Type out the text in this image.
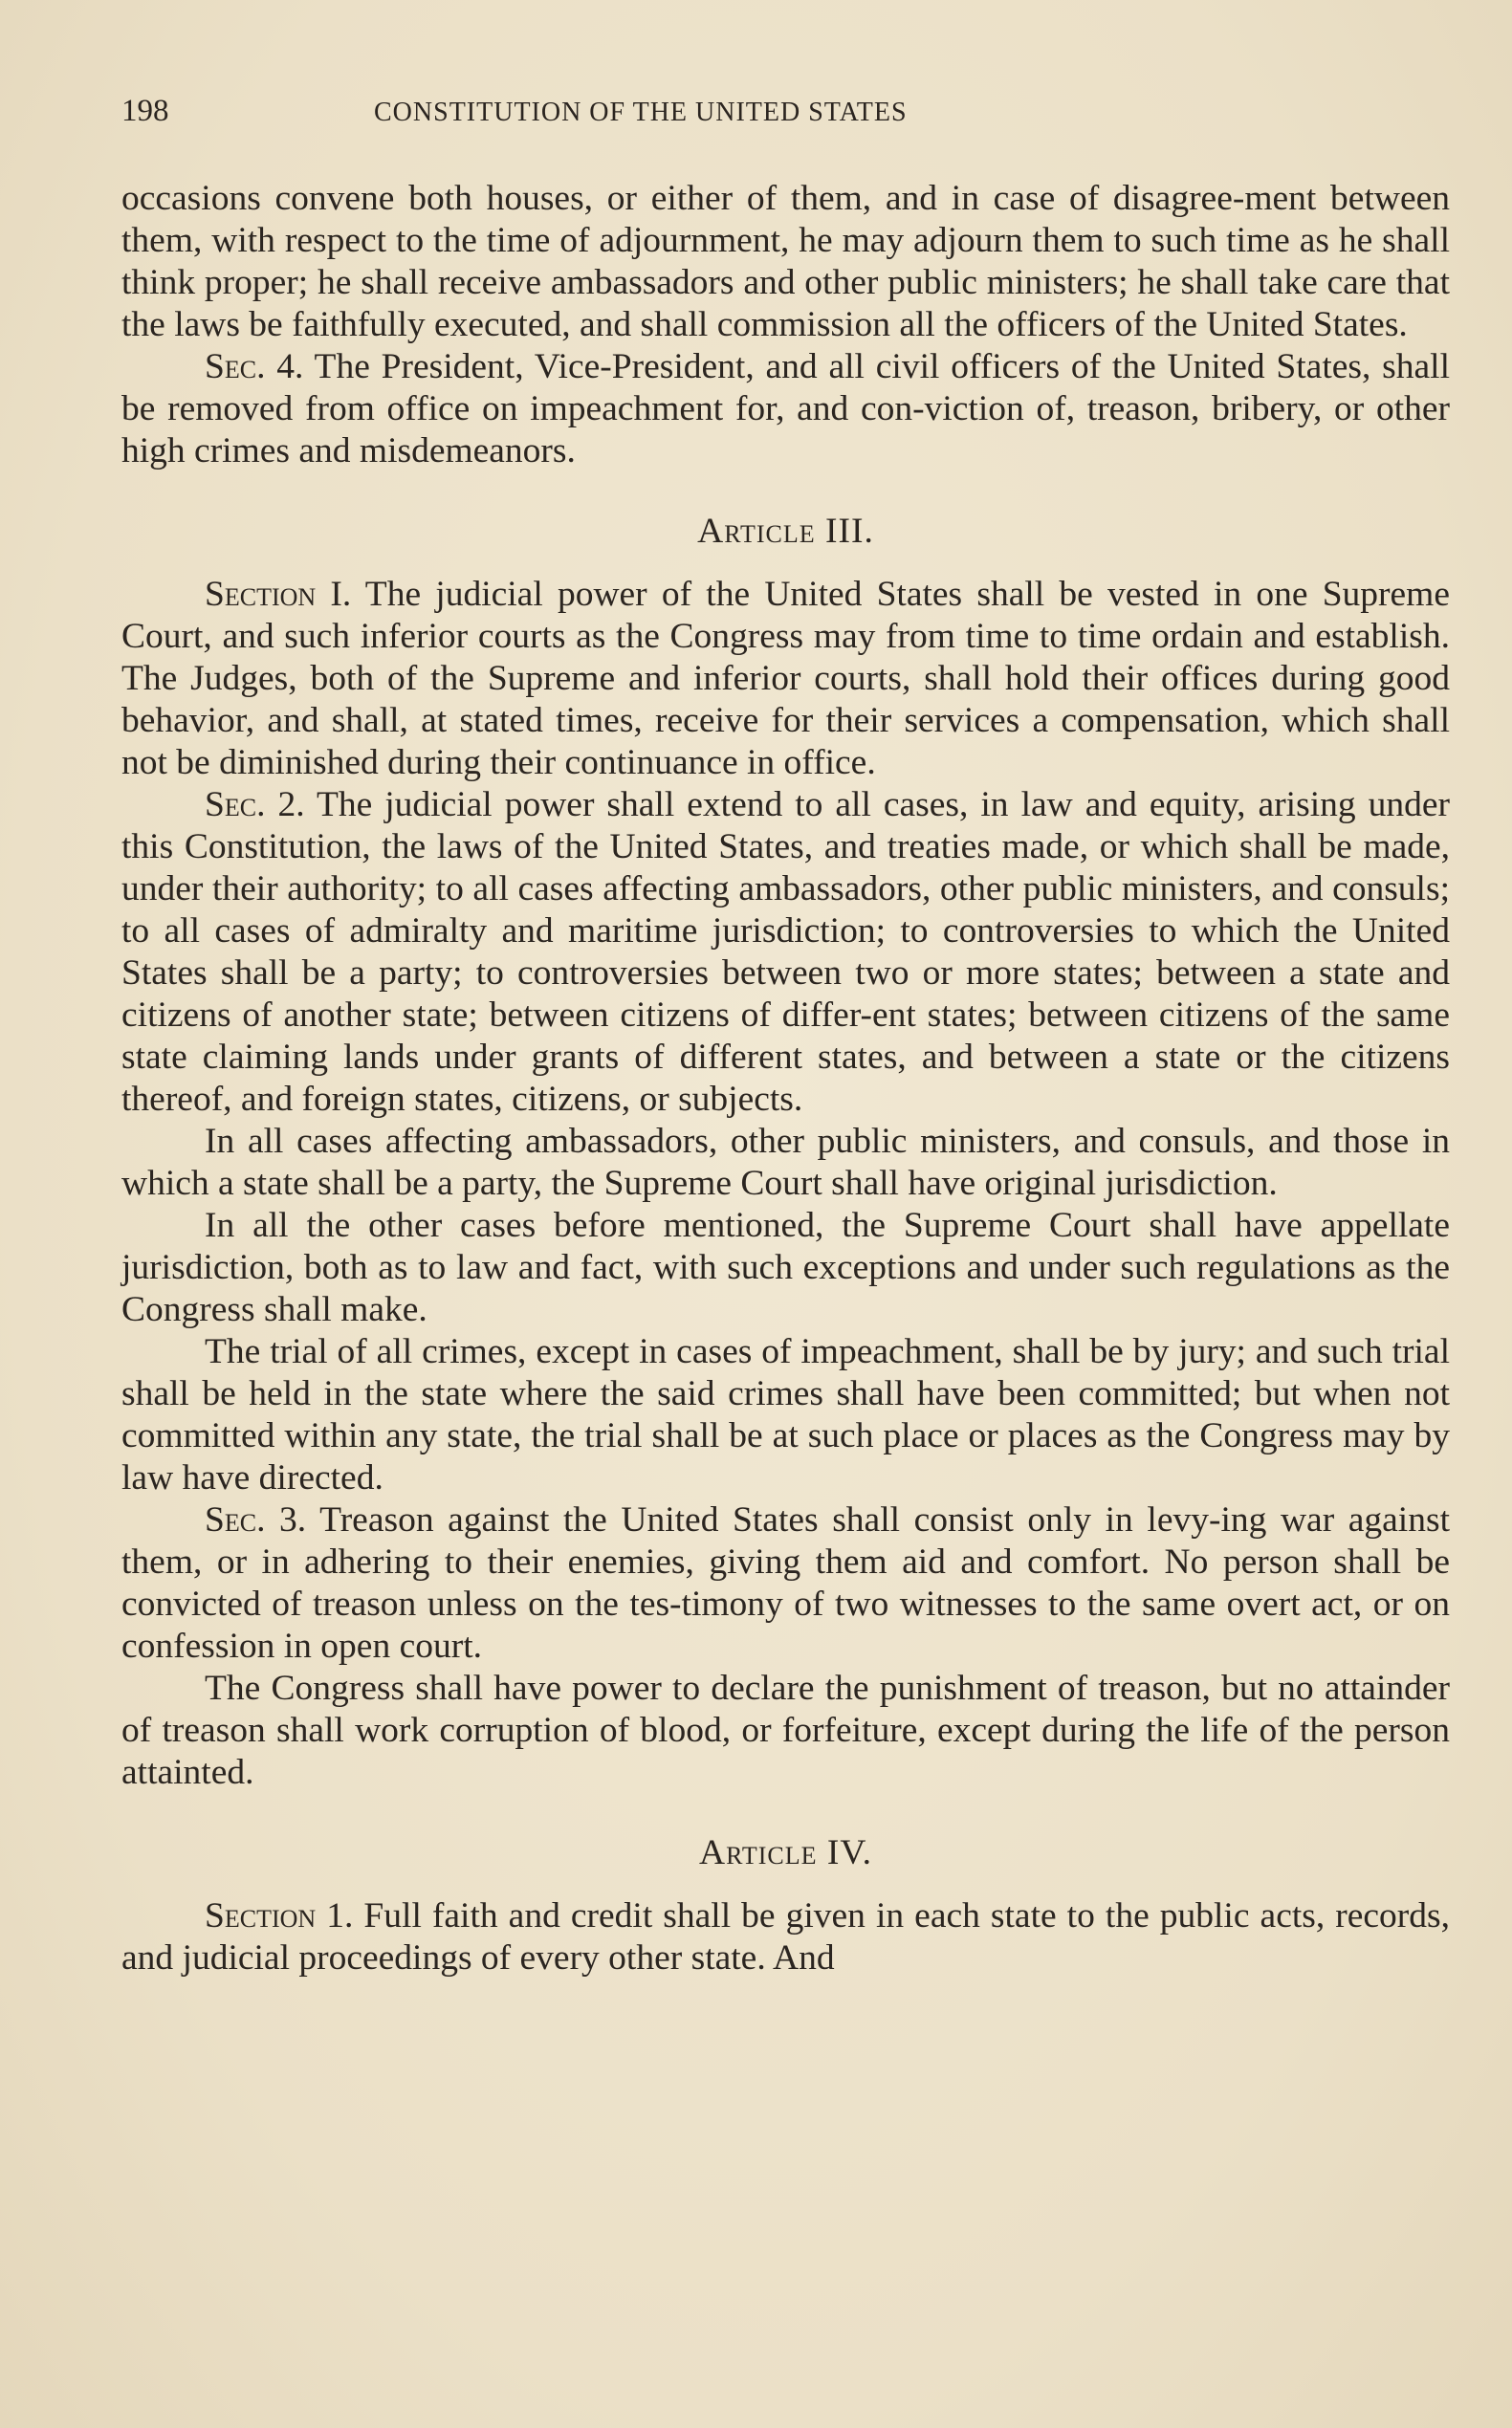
198	CONSTITUTION OF THE UNITED STATES

occasions convene both houses, or either of them, and in case of disagree-ment between them, with respect to the time of adjournment, he may adjourn them to such time as he shall think proper; he shall receive ambassadors and other public ministers; he shall take care that the laws be faithfully executed, and shall commission all the officers of the United States.

Sec. 4. The President, Vice-President, and all civil officers of the United States, shall be removed from office on impeachment for, and con-viction of, treason, bribery, or other high crimes and misdemeanors.

Article III.

Section I. The judicial power of the United States shall be vested in one Supreme Court, and such inferior courts as the Congress may from time to time ordain and establish. The Judges, both of the Supreme and inferior courts, shall hold their offices during good behavior, and shall, at stated times, receive for their services a compensation, which shall not be diminished during their continuance in office.

Sec. 2. The judicial power shall extend to all cases, in law and equity, arising under this Constitution, the laws of the United States, and treaties made, or which shall be made, under their authority; to all cases affecting ambassadors, other public ministers, and consuls; to all cases of admiralty and maritime jurisdiction; to controversies to which the United States shall be a party; to controversies between two or more states; between a state and citizens of another state; between citizens of differ-ent states; between citizens of the same state claiming lands under grants of different states, and between a state or the citizens thereof, and foreign states, citizens, or subjects.

In all cases affecting ambassadors, other public ministers, and consuls, and those in which a state shall be a party, the Supreme Court shall have original jurisdiction.

In all the other cases before mentioned, the Supreme Court shall have appellate jurisdiction, both as to law and fact, with such exceptions and under such regulations as the Congress shall make.

The trial of all crimes, except in cases of impeachment, shall be by jury; and such trial shall be held in the state where the said crimes shall have been committed; but when not committed within any state, the trial shall be at such place or places as the Congress may by law have directed.

Sec. 3. Treason against the United States shall consist only in levy-ing war against them, or in adhering to their enemies, giving them aid and comfort. No person shall be convicted of treason unless on the tes-timony of two witnesses to the same overt act, or on confession in open court.

The Congress shall have power to declare the punishment of treason, but no attainder of treason shall work corruption of blood, or forfeiture, except during the life of the person attainted.

Article IV.

Section 1. Full faith and credit shall be given in each state to the public acts, records, and judicial proceedings of every other state. And
